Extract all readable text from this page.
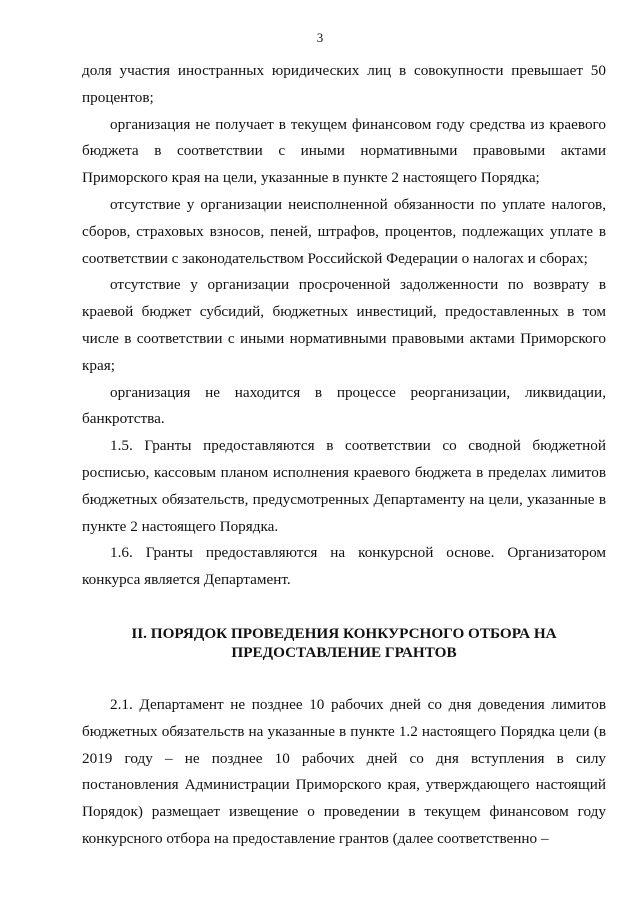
3

доля участия иностранных юридических лиц в совокупности превышает 50 процентов;

организация не получает в текущем финансовом году средства из краевого бюджета в соответствии с иными нормативными правовыми актами Приморского края на цели, указанные в пункте 2 настоящего Порядка;

отсутствие у организации неисполненной обязанности по уплате налогов, сборов, страховых взносов, пеней, штрафов, процентов, подлежащих уплате в соответствии с законодательством Российской Федерации о налогах и сборах;

отсутствие у организации просроченной задолженности по возврату в краевой бюджет субсидий, бюджетных инвестиций, предоставленных в том числе в соответствии с иными нормативными правовыми актами Приморского края;

организация не находится в процессе реорганизации, ликвидации, банкротства.

1.5. Гранты предоставляются в соответствии со сводной бюджетной росписью, кассовым планом исполнения краевого бюджета в пределах лимитов бюджетных обязательств, предусмотренных Департаменту на цели, указанные в пункте 2 настоящего Порядка.

1.6. Гранты предоставляются на конкурсной основе. Организатором конкурса является Департамент.

II. ПОРЯДОК ПРОВЕДЕНИЯ КОНКУРСНОГО ОТБОРА НА
ПРЕДОСТАВЛЕНИЕ ГРАНТОВ

2.1. Департамент не позднее 10 рабочих дней со дня доведения лимитов бюджетных обязательств на указанные в пункте 1.2 настоящего Порядка цели (в 2019 году – не позднее 10 рабочих дней со дня вступления в силу постановления Администрации Приморского края, утверждающего настоящий Порядок) размещает извещение о проведении в текущем финансовом году конкурсного отбора на предоставление грантов (далее соответственно –
